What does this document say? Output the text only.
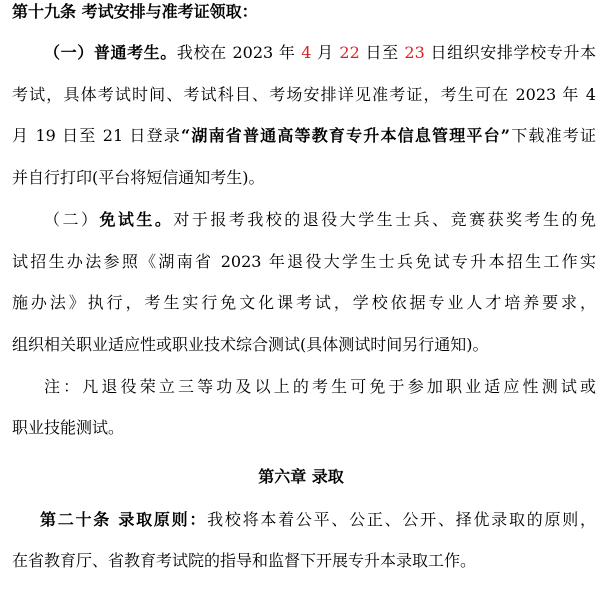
第十九条 考试安排与准考证领取：
（一）普通考生。我校在 2023 年 4 月 22 日至 23 日组织安排学校专升本
考试，具体考试时间、考试科目、考场安排详见准考证，考生可在 2023 年 4
月 19 日至 21 日登录“湖南省普通高等教育专升本信息管理平台”下载准考证
并自行打印(平台将短信通知考生)。
（二）免试生。对于报考我校的退役大学生士兵、竞赛获奖考生的免
试招生办法参照《湖南省 2023 年退役大学生士兵免试专升本招生工作实
施办法》执行，考生实行免文化课考试，学校依据专业人才培养要求，
组织相关职业适应性或职业技术综合测试(具体测试时间另行通知)。
注：凡退役荣立三等功及以上的考生可免于参加职业适应性测试或
职业技能测试。
第六章 录取
第二十条 录取原则：我校将本着公平、公正、公开、择优录取的原则，
在省教育厅、省教育考试院的指导和监督下开展专升本录取工作。
